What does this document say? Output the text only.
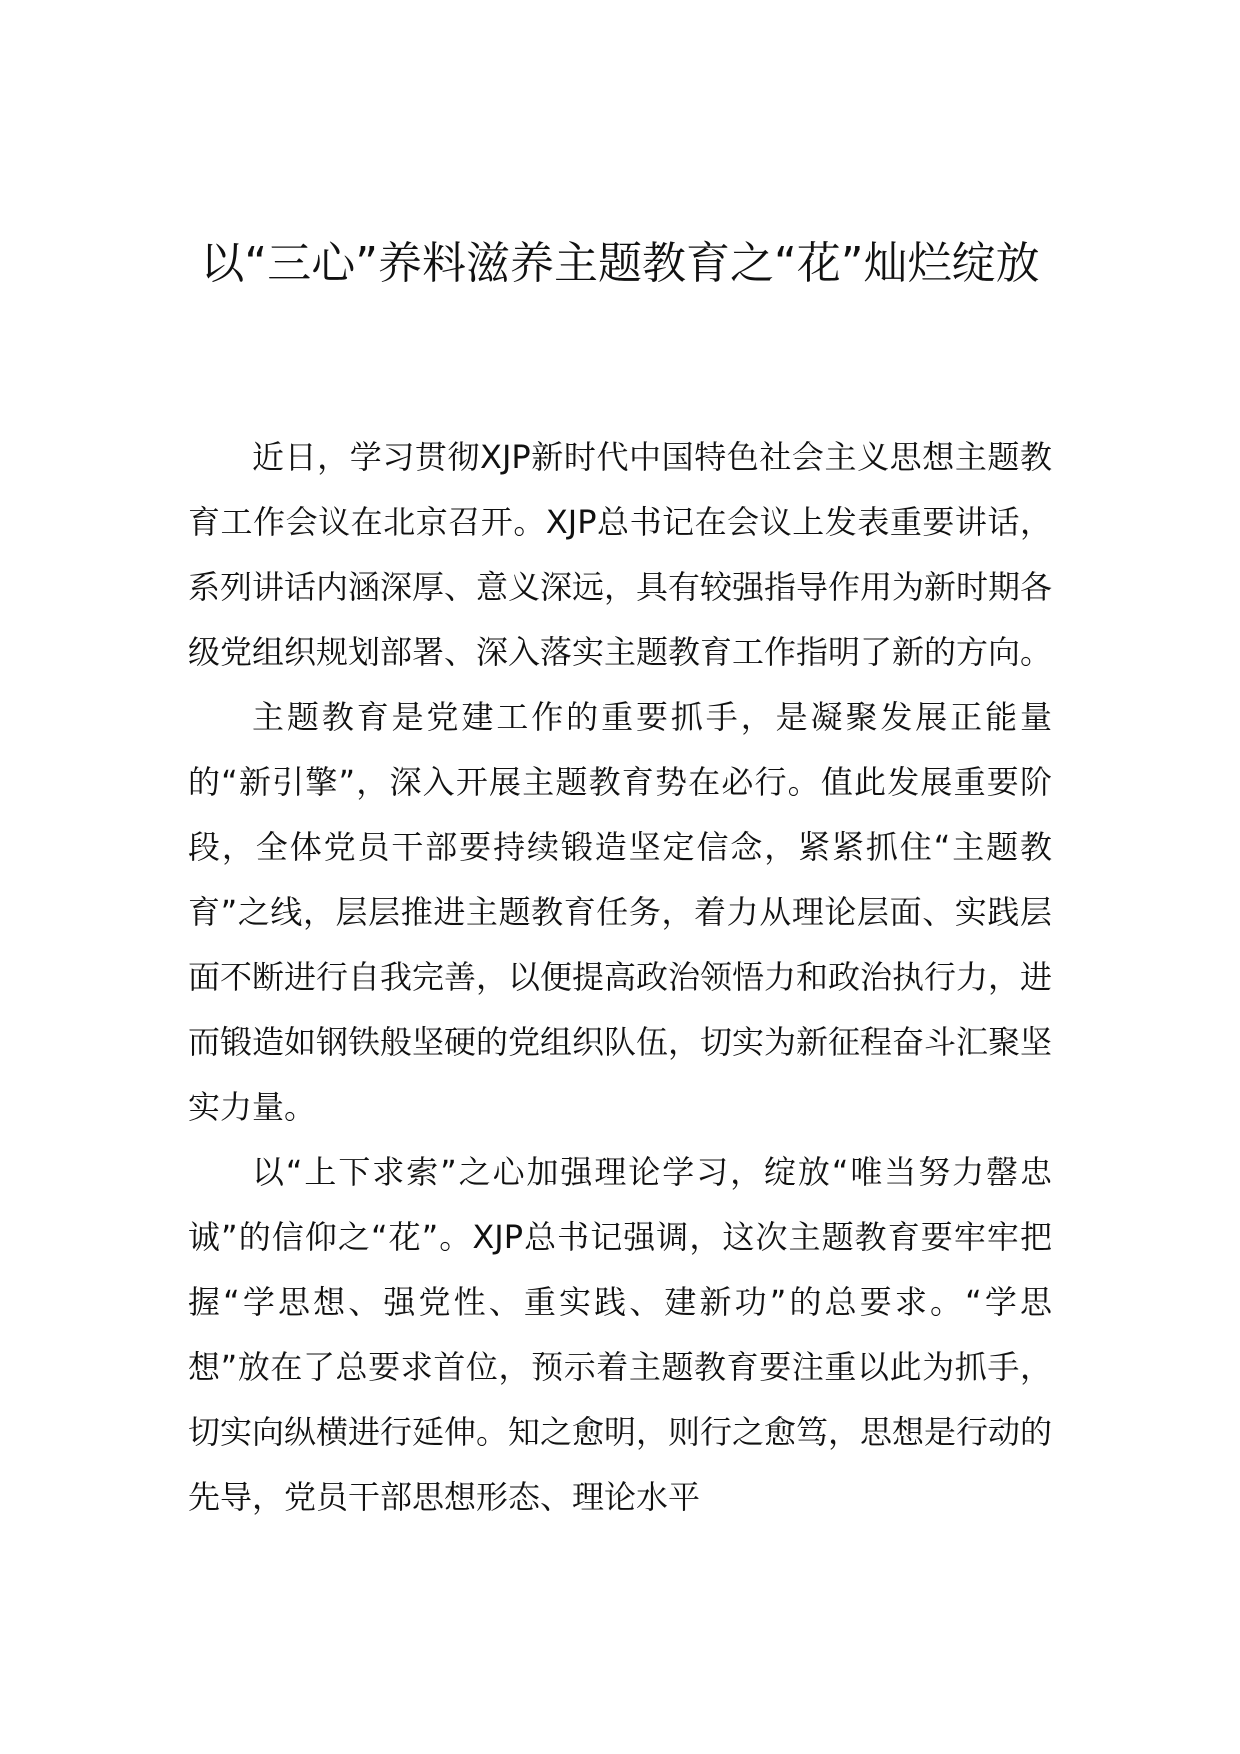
以“三心”养料滋养主题教育之“花”灿烂绽放

近日，学习贯彻XJP新时代中国特色社会主义思想主题教育工作会议在北京召开。XJP总书记在会议上发表重要讲话，系列讲话内涵深厚、意义深远，具有较强指导作用为新时期各级党组织规划部署、深入落实主题教育工作指明了新的方向。

主题教育是党建工作的重要抓手，是凝聚发展正能量的“新引擎”，深入开展主题教育势在必行。值此发展重要阶段，全体党员干部要持续锻造坚定信念，紧紧抓住“主题教育”之线，层层推进主题教育任务，着力从理论层面、实践层面不断进行自我完善，以便提高政治领悟力和政治执行力，进而锻造如钢铁般坚硬的党组织队伍，切实为新征程奋斗汇聚坚实力量。

以“上下求索”之心加强理论学习，绽放“唯当努力罄忠诚”的信仰之“花”。XJP总书记强调，这次主题教育要牢牢把握“学思想、强党性、重实践、建新功”的总要求。“学思想”放在了总要求首位，预示着主题教育要注重以此为抓手，切实向纵横进行延伸。知之愈明，则行之愈笃，思想是行动的先导，党员干部思想形态、理论水平
